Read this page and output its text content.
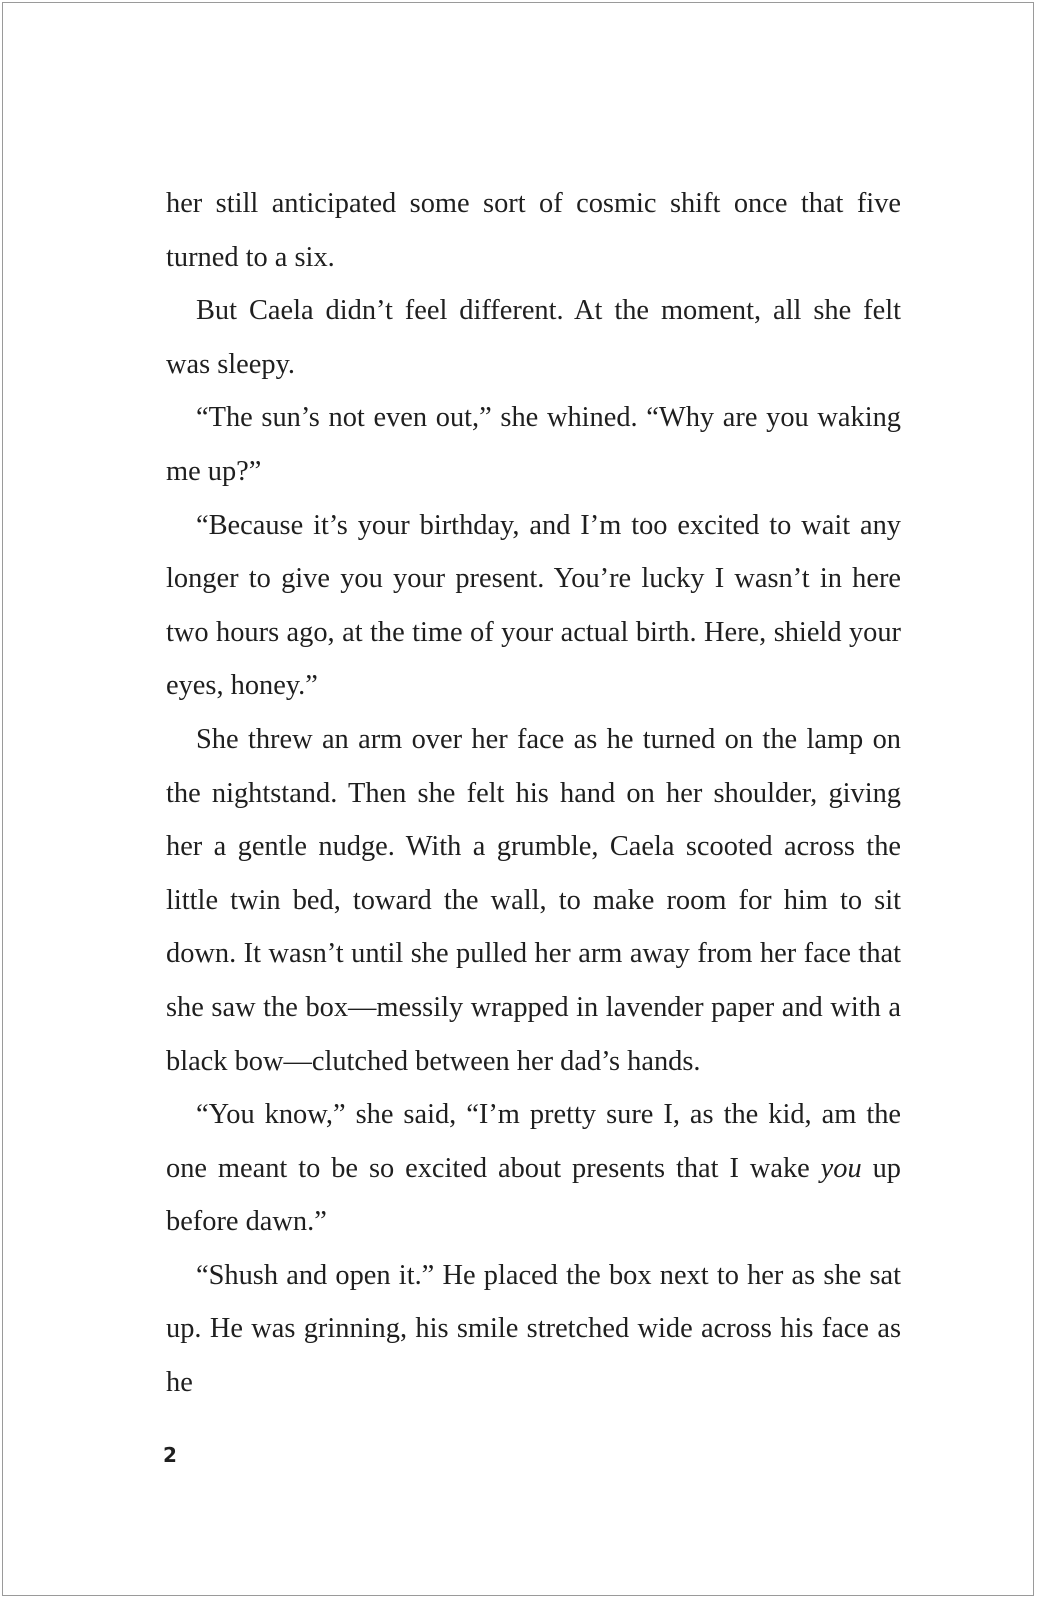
her still anticipated some sort of cosmic shift once that five turned to a six.

But Caela didn’t feel different. At the moment, all she felt was sleepy.

“The sun’s not even out,” she whined. “Why are you waking me up?”

“Because it’s your birthday, and I’m too excited to wait any longer to give you your present. You’re lucky I wasn’t in here two hours ago, at the time of your actual birth. Here, shield your eyes, honey.”

She threw an arm over her face as he turned on the lamp on the nightstand. Then she felt his hand on her shoulder, giving her a gentle nudge. With a grumble, Caela scooted across the little twin bed, toward the wall, to make room for him to sit down. It wasn’t until she pulled her arm away from her face that she saw the box—messily wrapped in lavender paper and with a black bow—clutched between her dad’s hands.

“You know,” she said, “I’m pretty sure I, as the kid, am the one meant to be so excited about presents that I wake you up before dawn.”

“Shush and open it.” He placed the box next to her as she sat up. He was grinning, his smile stretched wide across his face as he

2
